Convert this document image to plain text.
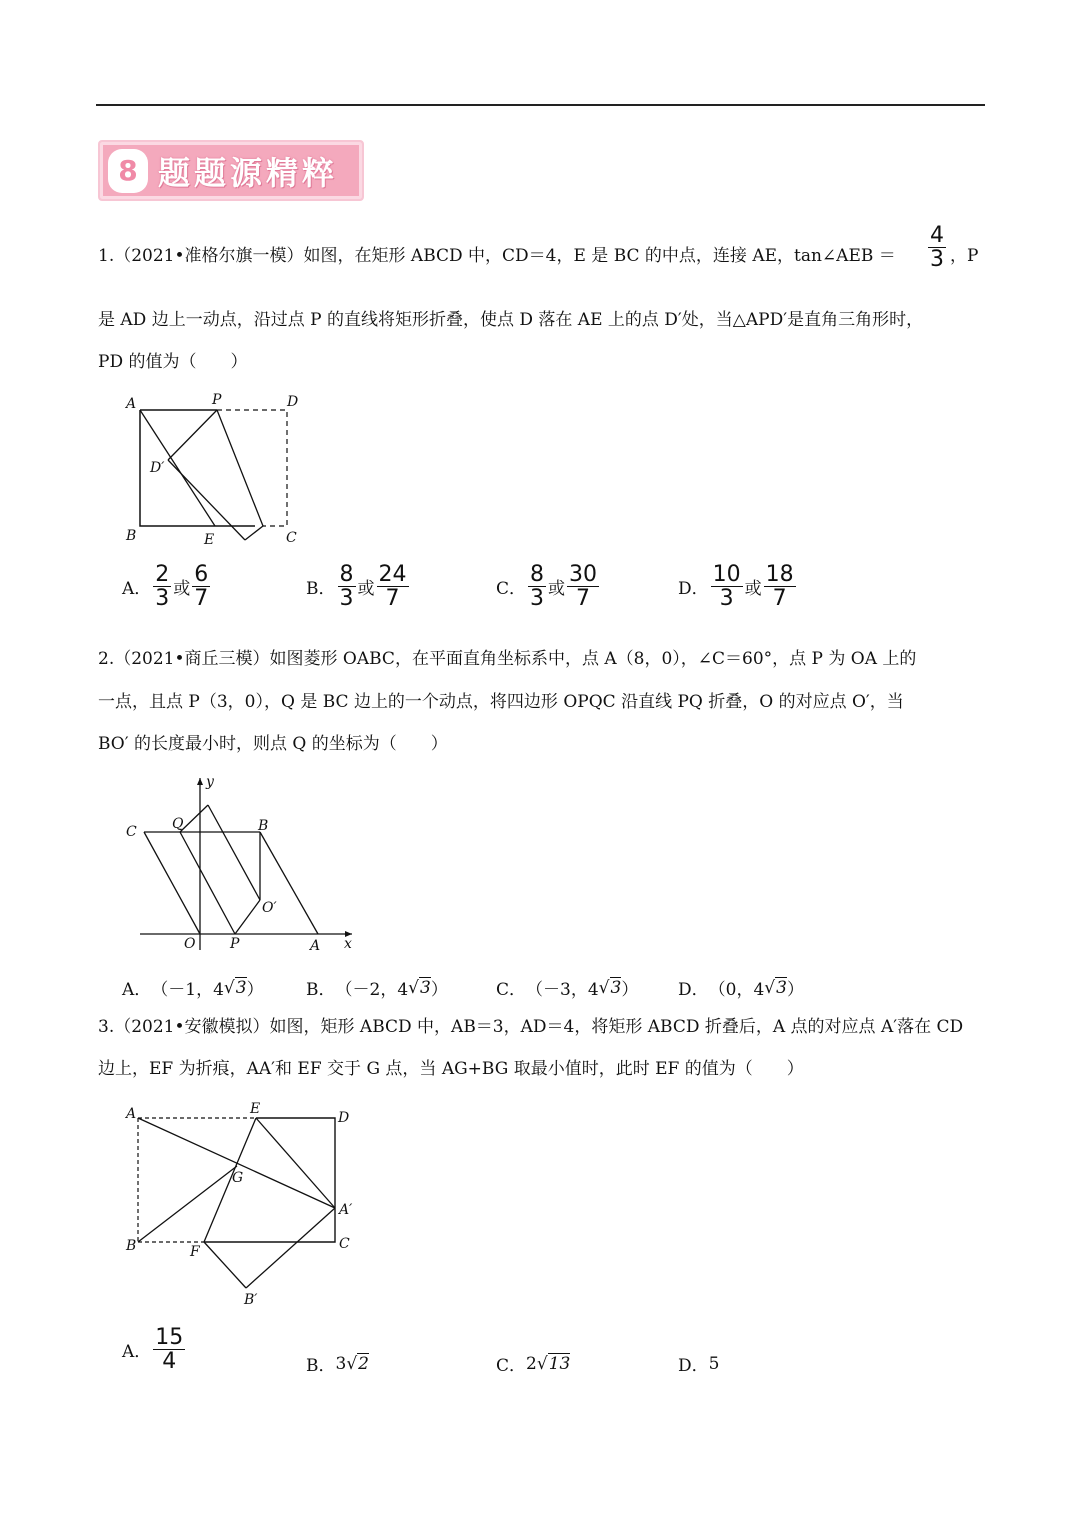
8 题题源精粹
1.（2021•准格尔旗一模）如图，在矩形 ABCD 中，CD＝4，E 是 BC 的中点，连接 AE，tan∠AEB ＝ $\frac{4}{3}$ ，P
是 AD 边上一动点，沿过点 P 的直线将矩形折叠，使点 D 落在 AE 上的点 D′处，当△APD′是直角三角形时，
PD 的值为（　　）
A	P	D
D′
B	E	C
A． $\frac{2}{3}$ 或 $\frac{6}{7}$	B． $\frac{8}{3}$ 或 $\frac{24}{7}$	C． $\frac{8}{3}$ 或 $\frac{30}{7}$	D． $\frac{10}{3}$ 或 $\frac{18}{7}$
2.（2021•商丘三模）如图菱形 OABC，在平面直角坐标系中，点 A（8，0），∠C＝60°，点 P 为 OA 上的
一点，且点 P（3，0），Q 是 BC 边上的一个动点，将四边形 OPQC 沿直线 PQ 折叠，O 的对应点 O′，当
BO′ 的长度最小时，则点 Q 的坐标为（　　）
y
C	Q	B
O′
O P	A x
A． （－1，4 √ 3 ） B． （－2，4 √ 3 ）	C． （－3，4 √ 3 ） D． （0，4 √ 3 ）
3.（2021•安徽模拟）如图，矩形 ABCD 中，AB＝3，AD＝4，将矩形 ABCD 折叠后，A 点的对应点 A′落在 CD
边上，EF 为折痕，AA′和 EF 交于 G 点，当 AG+BG 取最小值时，此时 EF 的值为（　　）
A	E
D
G
A′
B	F	C
B′
A． $\frac{15}{4}$	B． 3 √ 2	C． 2 √ 13	D． 5
